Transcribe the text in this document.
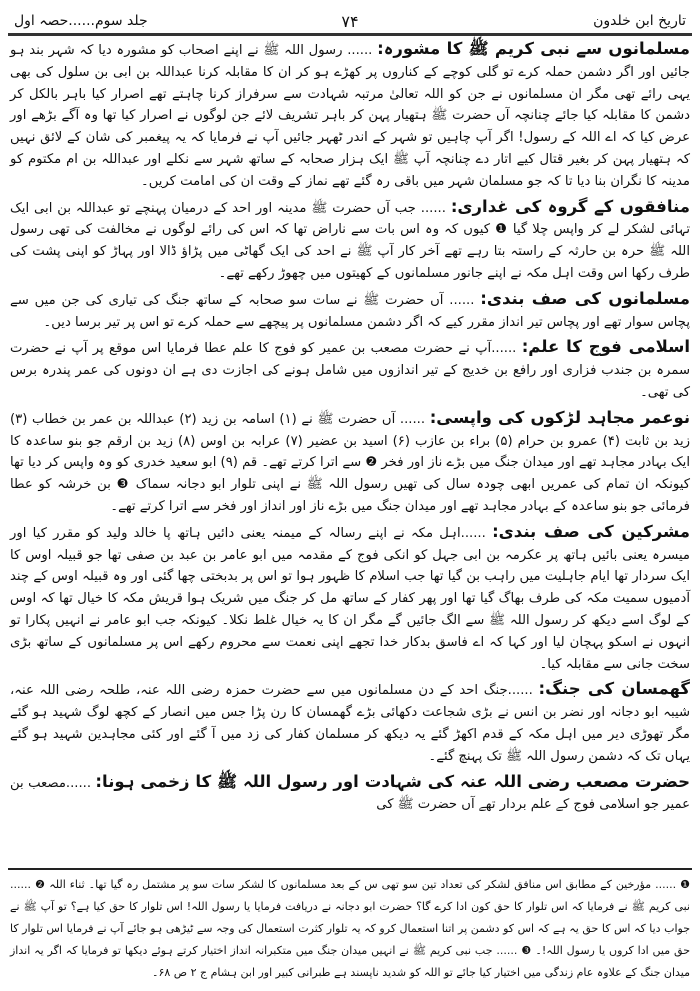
تاریخ ابن خلدون
۷۴
جلد سوم......حصہ اول

مسلمانوں سے نبی کریم ﷺ کا مشورہ: ...... رسول اللہ ﷺ نے اپنے اصحاب کو مشورہ دیا کہ شہر بند ہو جائیں اور اگر دشمن حملہ کرے تو گلی کوچے کے کناروں پر کھڑے ہو کر ان کا مقابلہ کرنا عبداللہ بن ابی بن سلول کی بھی یہی رائے تھی مگر ان مسلمانوں نے جن کو اللہ تعالیٰ مرتبہ شہادت سے سرفراز کرنا چاہتے تھے اصرار کیا باہر بالکل کر دشمن کا مقابلہ کیا جائے چنانچہ آں حضرت ﷺ ہتھیار پہن کر باہر تشریف لائے جن لوگوں نے اصرار کیا تھا وہ آگے بڑھے اور عرض کیا کہ اے اللہ کے رسول! اگر آپ چاہیں تو شہر کے اندر ٹھہر جائیں آپ نے فرمایا کہ یہ پیغمبر کی شان کے لائق نہیں کہ ہتھیار پہن کر بغیر قتال کیے اتار دے چنانچہ آپ ﷺ ایک ہزار صحابہ کے ساتھ شہر سے نکلے اور عبداللہ بن ام مکتوم کو مدینہ کا نگران بنا دیا تا کہ جو مسلمان شہر میں باقی رہ گئے تھے نماز کے وقت ان کی امامت کریں۔

منافقوں کے گروہ کی غداری: ...... جب آں حضرت ﷺ مدینہ اور احد کے درمیان پہنچے تو عبداللہ بن ابی ایک تہائی لشکر لے کر واپس چلا گیا ❶ کیوں کہ وہ اس بات سے ناراض تھا کہ اس کی رائے لوگوں نے مخالفت کی تھی رسول اللہ ﷺ حرہ بن حارثہ کے راستہ بتا رہے تھے آخر کار آپ ﷺ نے احد کی ایک گھاٹی میں پڑاؤ ڈالا اور پہاڑ کو اپنی پشت کی طرف رکھا اس وقت اہل مکہ نے اپنے جانور مسلمانوں کے کھیتوں میں چھوڑ رکھے تھے۔

مسلمانوں کی صف بندی: ...... آں حضرت ﷺ نے سات سو صحابہ کے ساتھ جنگ کی تیاری کی جن میں سے پچاس سوار تھے اور پچاس تیر انداز مقرر کیے کہ اگر دشمن مسلمانوں پر پیچھے سے حملہ کرے تو اس پر تیر برسا دیں۔

اسلامی فوج کا علم: ......آپ نے حضرت مصعب بن عمیر کو فوج کا علم عطا فرمایا اس موقع پر آپ نے حضرت سمرہ بن جندب فزاری اور رافع بن خدیج کے تیر اندازوں میں شامل ہونے کی اجازت دی ہے ان دونوں کی عمر پندرہ برس کی تھی۔

نوعمر مجاہد لڑکوں کی واپسی: ...... آں حضرت ﷺ نے (۱) اسامہ بن زید (۲) عبداللہ بن عمر بن خطاب (۳) زید بن ثابت (۴) عمرو بن حرام (۵) براء بن عازب (۶) اسید بن عضیر (۷) عرابہ بن اوس (۸) زید بن ارقم جو بنو ساعدہ کا ایک بہادر مجاہد تھے اور میدان جنگ میں بڑے ناز اور فخر ❷ سے اترا کرتے تھے۔ قم (۹) ابو سعید خدری کو وہ واپس کر دیا تھا کیونکہ ان تمام کی عمریں ابھی چودہ سال کی تھیں رسول اللہ ﷺ نے اپنی تلوار ابو دجانہ سماک ❸ بن خرشہ کو عطا فرمائی جو بنو ساعدہ کے بہادر مجاہد تھے اور میدان جنگ میں بڑے ناز اور انداز اور فخر سے اترا کرتے تھے۔

مشرکین کی صف بندی: ......اہل مکہ نے اپنے رسالہ کے میمنہ یعنی دائیں ہاتھ پا خالد ولید کو مقرر کیا اور میسرہ یعنی بائیں ہاتھ پر عکرمہ بن ابی جہل کو انکی فوج کے مقدمہ میں ابو عامر بن عبد بن صفی تھا جو قبیلہ اوس کا ایک سردار تھا ایام جاہلیت میں راہب بن گیا تھا جب اسلام کا ظہور ہوا تو اس پر بدبختی چھا گئی اور وہ قبیلہ اوس کے چند آدمیوں سمیت مکہ کی طرف بھاگ گیا تھا اور پھر کفار کے ساتھ مل کر جنگ میں شریک ہوا قریش مکہ کا خیال تھا کہ اوس کے لوگ اسے دیکھ کر رسول اللہ ﷺ سے الگ جائیں گے مگر ان کا یہ خیال غلط نکلا۔ کیونکہ جب ابو عامر نے انہیں پکارا تو انہوں نے اسکو پہچان لیا اور کہا کہ اے فاسق بدکار خدا تجھے اپنی نعمت سے محروم رکھے اس پر مسلمانوں کے ساتھ بڑی سخت جانی سے مقابلہ کیا۔

گھمسان کی جنگ: ......جنگ احد کے دن مسلمانوں میں سے حضرت حمزہ رضی اللہ عنہ، طلحہ رضی اللہ عنہ، شیبہ ابو دجانہ اور نضر بن انس نے بڑی شجاعت دکھائی بڑے گھمسان کا رن پڑا جس میں انصار کے کچھ لوگ شہید ہو گئے مگر تھوڑی دیر میں اہل مکہ کے قدم اکھڑ گئے یہ دیکھ کر مسلمان کفار کی زد میں آ گئے اور کئی مجاہدین شہید ہو گئے یہاں تک کہ دشمن رسول اللہ ﷺ تک پہنچ گئے۔

حضرت مصعب رضی اللہ عنہ کی شہادت اور رسول اللہ ﷺ کا زخمی ہونا: ......مصعب بن عمیر جو اسلامی فوج کے علم بردار تھے آں حضرت ﷺ کی

❶ ...... مؤرخین کے مطابق اس منافق لشکر کی تعداد تین سو تھی س کے بعد مسلمانوں کا لشکر سات سو پر مشتمل رہ گیا تھا۔ ثناء اللہ ❷ ...... نبی کریم ﷺ نے فرمایا کہ اس تلوار کا حق کون ادا کرے گا؟ حضرت ابو دجانہ نے دریافت فرمایا یا رسول اللہ! اس تلوار کا حق کیا ہے؟ تو آپ ﷺ نے جواب دیا کہ اس کا حق یہ ہے کہ اس کو دشمن پر اتنا استعمال کرو کہ یہ تلوار کثرت استعمال کی وجہ سے ٹیڑھی ہو جائے آپ نے فرمایا اس تلوار کا حق میں ادا کروں یا رسول اللہ!۔ ❸ ...... جب نبی کریم ﷺ نے انہیں میدان جنگ میں متکبرانہ انداز اختیار کرتے ہوئے دیکھا تو فرمایا کہ اگر یہ انداز میدان جنگ کے علاوہ عام زندگی میں اختیار کیا جائے تو اللہ کو شدید ناپسند ہے طبرانی کبیر اور ابن ہشام ج ۲ ص ۶۸۔
